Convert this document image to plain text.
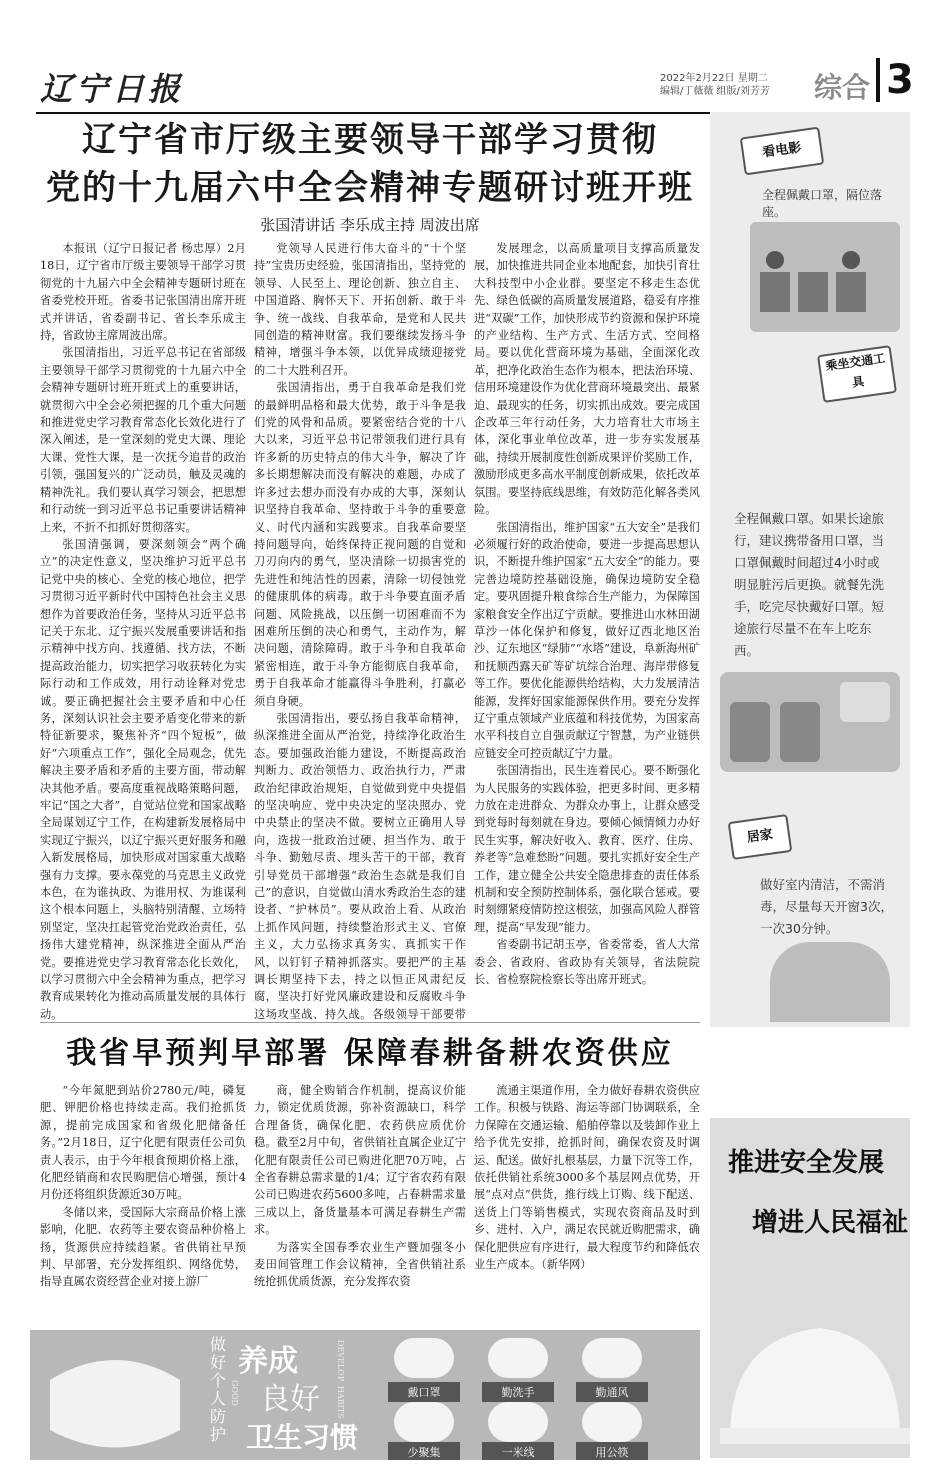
辽宁日报	2022年2月22日 星期二
编辑/丁薇薇 组版/刘芳芳	综合 3
辽宁省市厅级主要领导干部学习贯彻
党的十九届六中全会精神专题研讨班开班
张国清讲话 李乐成主持 周波出席

本报讯（辽宁日报记者 杨忠厚）2月18日，辽宁省市厅级主要领导干部学习贯彻党的十九届六中全会精神专题研讨班在省委党校开班。省委书记张国清出席开班式并讲话，省委副书记、省长李乐成主持，省政协主席周波出席。

张国清指出，习近平总书记在省部级主要领导干部学习贯彻党的十九届六中全会精神专题研讨班开班式上的重要讲话，就贯彻六中全会必须把握的几个重大问题和推进党史学习教育常态化长效化进行了深入阐述，是一堂深刻的党史大课、理论大课、党性大课，是一次抚今追昔的政治引领，强国复兴的广泛动员，触及灵魂的精神洗礼。我们要认真学习领会，把思想和行动统一到习近平总书记重要讲话精神上来，不折不扣抓好贯彻落实。

张国清强调，要深刻领会“两个确立”的决定性意义，坚决维护习近平总书记党中央的核心、全党的核心地位，把学习贯彻习近平新时代中国特色社会主义思想作为首要政治任务，坚持从习近平总书记关于东北、辽宁振兴发展重要讲话和指示精神中找方向、找遵循、找方法，不断提高政治能力，切实把学习收获转化为实际行动和工作成效，用行动诠释对党忠诚。要正确把握社会主要矛盾和中心任务，深刻认识社会主要矛盾变化带来的新特征新要求，聚焦补齐“四个短板”，做好“六项重点工作”，强化全局观念，优先解决主要矛盾和矛盾的主要方面，带动解决其他矛盾。要高度重视战略策略问题，牢记“国之大者”，自觉站位党和国家战略全局谋划辽宁工作，在构建新发展格局中实现辽宁振兴，以辽宁振兴更好服务和融入新发展格局，加快形成对国家重大战略强有力支撑。要永葆党的马克思主义政党本色，在为谁执政、为谁用权、为谁谋利这个根本问题上，头脑特别清醒、立场特别坚定，坚决扛起管党治党政治责任，弘扬伟大建党精神，纵深推进全面从严治党。要推进党史学习教育常态化长效化，以学习贯彻六中全会精神为重点，把学习教育成果转化为推动高质量发展的具体行动。

党领导人民进行伟大奋斗的“十个坚持”宝贵历史经验，张国清指出，坚持党的领导、人民至上、理论创新、独立自主、中国道路、胸怀天下、开拓创新、敢于斗争、统一战线、自我革命，是党和人民共同创造的精神财富。我们要继续发扬斗争精神，增强斗争本领，以优异成绩迎接党的二十大胜利召开。

张国清指出，勇于自我革命是我们党的最鲜明品格和最大优势，敢于斗争是我们党的风骨和品质。要紧密结合党的十八大以来，习近平总书记带领我们进行具有许多新的历史特点的伟大斗争，解决了许多长期想解决而没有解决的难题，办成了许多过去想办而没有办成的大事，深刻认识坚持自我革命、坚持敢于斗争的重要意义、时代内涵和实践要求。自我革命要坚持问题导向，始终保持正视问题的自觉和刀刃向内的勇气，坚决清除一切损害党的先进性和纯洁性的因素，清除一切侵蚀党的健康肌体的病毒。敢于斗争要直面矛盾问题、风险挑战，以压倒一切困难而不为困难所压倒的决心和勇气，主动作为，解决问题，清除障碍。敢于斗争和自我革命紧密相连，敢于斗争方能彻底自我革命，勇于自我革命才能赢得斗争胜利，打赢必须自身硬。

张国清指出，要弘扬自我革命精神，纵深推进全面从严治党，持续净化政治生态。要加强政治能力建设，不断提高政治判断力、政治领悟力、政治执行力，严肃政治纪律政治规矩，自觉做到党中央提倡的坚决响应、党中央决定的坚决照办、党中央禁止的坚决不做。要树立正确用人导向，选拔一批政治过硬、担当作为、敢于斗争、勤勉尽责、埋头苦干的干部，教育引导党员干部增强“政治生态就是我们自己”的意识，自觉做山清水秀政治生态的建设者、“护林员”。要从政治上看、从政治上抓作风问题，持续整治形式主义、官僚主义，大力弘扬求真务实、真抓实干作风，以钉钉子精神抓落实。要把严的主基调长期坚持下去，持之以恒正风肃纪反腐，坚决打好党风廉政建设和反腐败斗争这场攻坚战、持久战。各级领导干部要带

发展理念，以高质量项目支撑高质量发展，加快推进共同企业本地配套，加快引育壮大科技型中小企业群。要坚定不移走生态优先、绿色低碳的高质量发展道路，稳妥有序推进“双碳”工作，加快形成节约资源和保护环境的产业结构、生产方式、生活方式、空间格局。要以优化营商环境为基础，全面深化改革，把净化政治生态作为根本，把法治环境、信用环境建设作为优化营商环境最突出、最紧迫、最现实的任务，切实抓出成效。要完成国企改革三年行动任务，大力培育壮大市场主体，深化事业单位改革，进一步夯实发展基础，持续开展制度性创新成果评价奖励工作，激励形成更多高水平制度创新成果，依托改革氛围。要坚持底线思维，有效防范化解各类风险。

张国清指出，维护国家“五大安全”是我们必须履行好的政治使命，要进一步提高思想认识，不断提升维护国家“五大安全”的能力。要完善边境防控基础设施，确保边境防安全稳定。要巩固提升粮食综合生产能力，为保障国家粮食安全作出辽宁贡献。要推进山水林田湖草沙一体化保护和修复，做好辽西北地区治沙、辽东地区“绿肺”“水塔”建设，阜新海州矿和抚顺西露天矿等矿坑综合治理、海岸带修复等工作。要优化能源供给结构，大力发展清洁能源，发挥好国家能源保供作用。要充分发挥辽宁重点领域产业底蕴和科技优势，为国家高水平科技自立自强贡献辽宁智慧，为产业链供应链安全可控贡献辽宁力量。

张国清指出，民生连着民心。要不断强化为人民服务的实践体验，把更多时间、更多精力放在走进群众、为群众办事上，让群众感受到党每时每刻就在身边。要倾心倾情倾力办好民生实事，解决好收入、教育、医疗、住房、养老等“急难愁盼”问题。要扎实抓好安全生产工作，建立健全公共安全隐患排查的责任体系机制和安全预防控制体系，强化联合惩戒。要时刻绷紧疫情防控这根弦，加强高风险人群管理，提高“早发现”能力。

省委副书记胡玉亭，省委常委，省人大常委会、省政府、省政协有关领导，省法院院长、省检察院检察长等出席开班式。

我省早预判早部署 保障春耕备耕农资供应

“今年氮肥到站价2780元/吨，磷复肥、钾肥价格也持续走高。我们抢抓货源，提前完成国家和省级化肥储备任务。”2月18日，辽宁化肥有限责任公司负责人表示，由于今年根食预期价格上涨，化肥经销商和农民购肥信心增强，预计4月份还将组织货源近30万吨。

冬储以来，受国际大宗商品价格上涨影响，化肥、农药等主要农资品种价格上扬，货源供应持续趋紧。省供销社早预判、早部署，充分发挥组织、网络优势，指导直属农资经营企业对接上游厂

商，健全购销合作机制，提高议价能力，锁定优质货源，弥补资源缺口，科学合理备货，确保化肥、农药供应质优价稳。截至2月中旬，省供销社直属企业辽宁化肥有限责任公司已购进化肥70万吨，占全省春耕总需求量的1/4；辽宁省农药有限公司已购进农药5600多吨，占春耕需求量三成以上，备货量基本可满足春耕生产需求。

为落实全国春季农业生产暨加强冬小麦田间管理工作会议精神，全省供销社系统抢抓优质货源，充分发挥农资

流通主渠道作用，全力做好春耕农资供应工作。积极与铁路、海运等部门协调联系，全力保障在交通运输、船舶停靠以及装卸作业上给予优先安排，抢抓时间，确保农资及时调运、配送。做好扎根基层，力量下沉等工作，依托供销社系统3000多个基层网点优势，开展“点对点”供货，推行线上订购、线下配送、送货上门等销售模式，实现农资商品及时到乡、进村、入户，满足农民就近购肥需求，确保化肥供应有序进行，最大程度节约和降低农业生产成本。（新华网）

看电影
全程佩戴口罩，隔位落座。
乘坐交通工具
全程佩戴口罩。如果长途旅行，建议携带备用口罩，当口罩佩戴时间超过4小时或明显脏污后更换。就餐先洗手，吃完尽快戴好口罩。短途旅行尽量不在车上吃东西。
居家
做好室内清洁，不需消毒，尽量每天开窗3次，一次30分钟。
推进安全发展
增进人民福祉
做好个人防护
养成
良好
卫生习惯
DEVELOP
GOOD	HABITS	戴口罩	勤洗手	勤通风
少聚集	一米线	用公筷
